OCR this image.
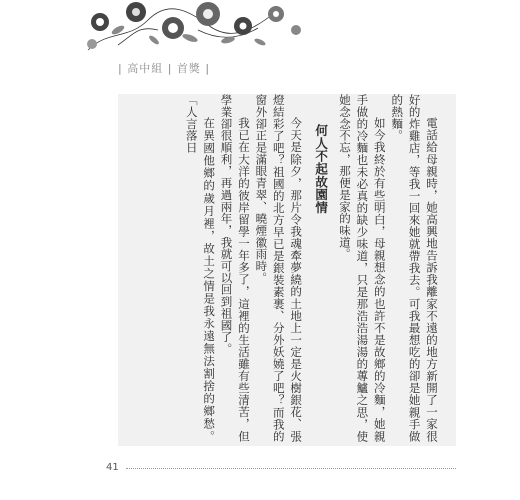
| 高中組 | 首獎 |

電話給母親時，她高興地告訴我離家不遠的地方新開了一家很好的炸雞店，等我一回來她就帶我去。可我最想吃的卻是她親手做的熱麵。

如今我終於有些明白，母親想念的也許不是故鄉的冷麵，她親手做的冷麵也未必真的缺少味道，只是那浩浩湯湯的蓴鱸之思，使她念念不忘，那便是家的味道。

何人不起故園情

今天是除夕，那片令我魂牽夢繞的土地上一定是火樹銀花、張燈結彩了吧？祖國的北方早已是銀裝素裹、分外妖嬈了吧？而我的窗外卻正是滿眼青翠、曉煙徽雨時。

我已在大洋的彼岸留學一年多了，這裡的生活雖有些清苦，但學業卻很順利，再過兩年，我就可以回到祖國了。

在異國他鄉的歲月裡，故土之情是我永遠無法割捨的鄉愁。「人言落日

41
